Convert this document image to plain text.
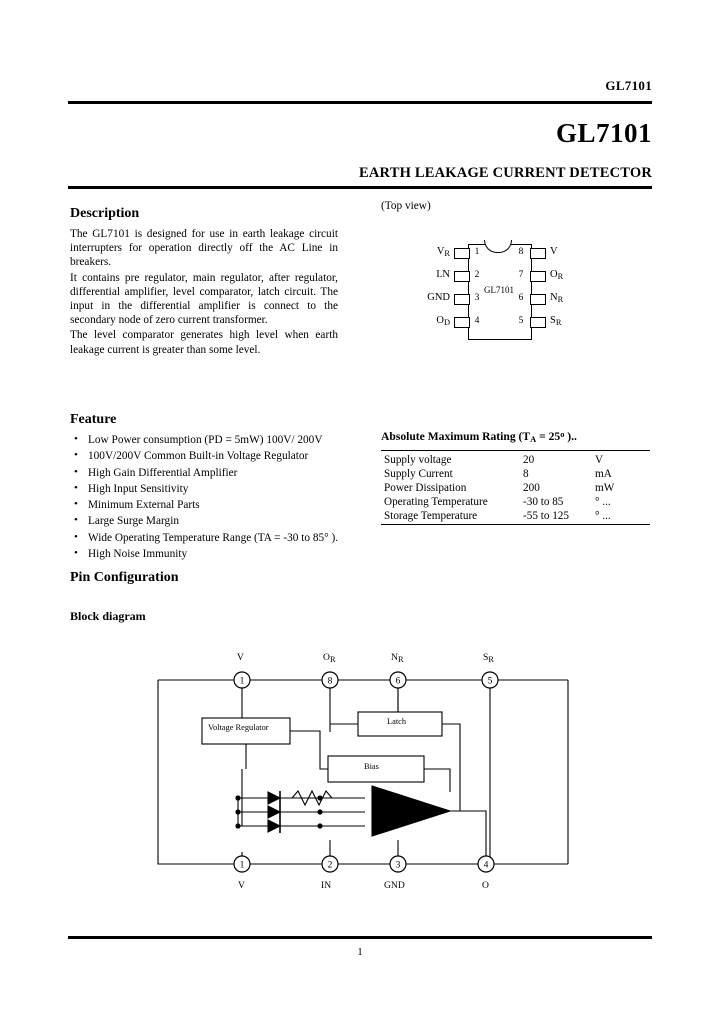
GL7101
GL7101
EARTH LEAKAGE CURRENT DETECTOR
Description

The GL7101 is designed for use in earth leakage circuit interrupters for operation directly off the AC Line in breakers.

It contains pre regulator, main regulator, after regulator, differential amplifier, level comparator, latch circuit. The input in the differential amplifier is connect to the secondary node of zero current transformer.

The level comparator generates high level when earth leakage current is greater than some level.

Feature
• Low Power consumption (PD = 5mW) 100V/ 200V
• 100V/200V Common Built-in Voltage Regulator
• High Gain Differential Amplifier
• High Input Sensitivity
• Minimum External Parts
• Large Surge Margin
• Wide Operating Temperature Range (TA = -30 to 85° ).
• High Noise Immunity
Pin Configuration
Block diagram
(Top view)
GL7101
1
2
3
4
8
7
6
5
$V_R$
I.N
GND
$O_D$
V
$O_R$
$N_R$
$S_R$
Absolute Maximum Rating ($T_A = 25^o$ )..
Supply voltage	20	V
Supply Current	8	mA
Power Dissipation	200	mW
Operating Temperature	-30 to 85	° ...
Storage Temperature	-55 to 125	° ...
1	8	6	5
1	2	3	4
Voltage Regulator
Latch
Bias
Amp
V	OR	NR	SR
V	IN	GND	O
1
